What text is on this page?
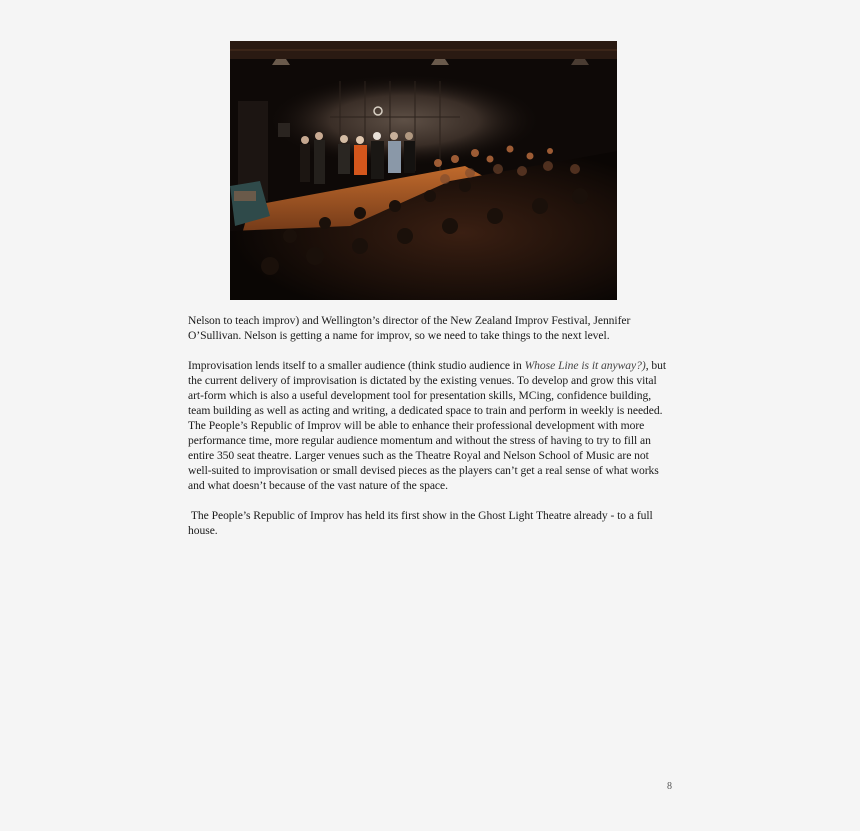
Nelson to teach improv) and Wellington’s director of the New Zealand Improv Festival, Jennifer O’Sullivan. Nelson is getting a name for improv, so we need to take things to the next level.

Improvisation lends itself to a smaller audience (think studio audience in Whose Line is it anyway?), but the current delivery of improvisation is dictated by the existing venues. To develop and grow this vital art-form which is also a useful development tool for presentation skills, MCing, confidence building, team building as well as acting and writing, a dedicated space to train and perform in weekly is needed. The People’s Republic of Improv will be able to enhance their professional development with more performance time, more regular audience momentum and without the stress of having to try to fill an entire 350 seat theatre. Larger venues such as the Theatre Royal and Nelson School of Music are not well-suited to improvisation or small devised pieces as the players can’t get a real sense of what works and what doesn’t because of the vast nature of the space.

The People’s Republic of Improv has held its first show in the Ghost Light Theatre already - to a full house.

8
